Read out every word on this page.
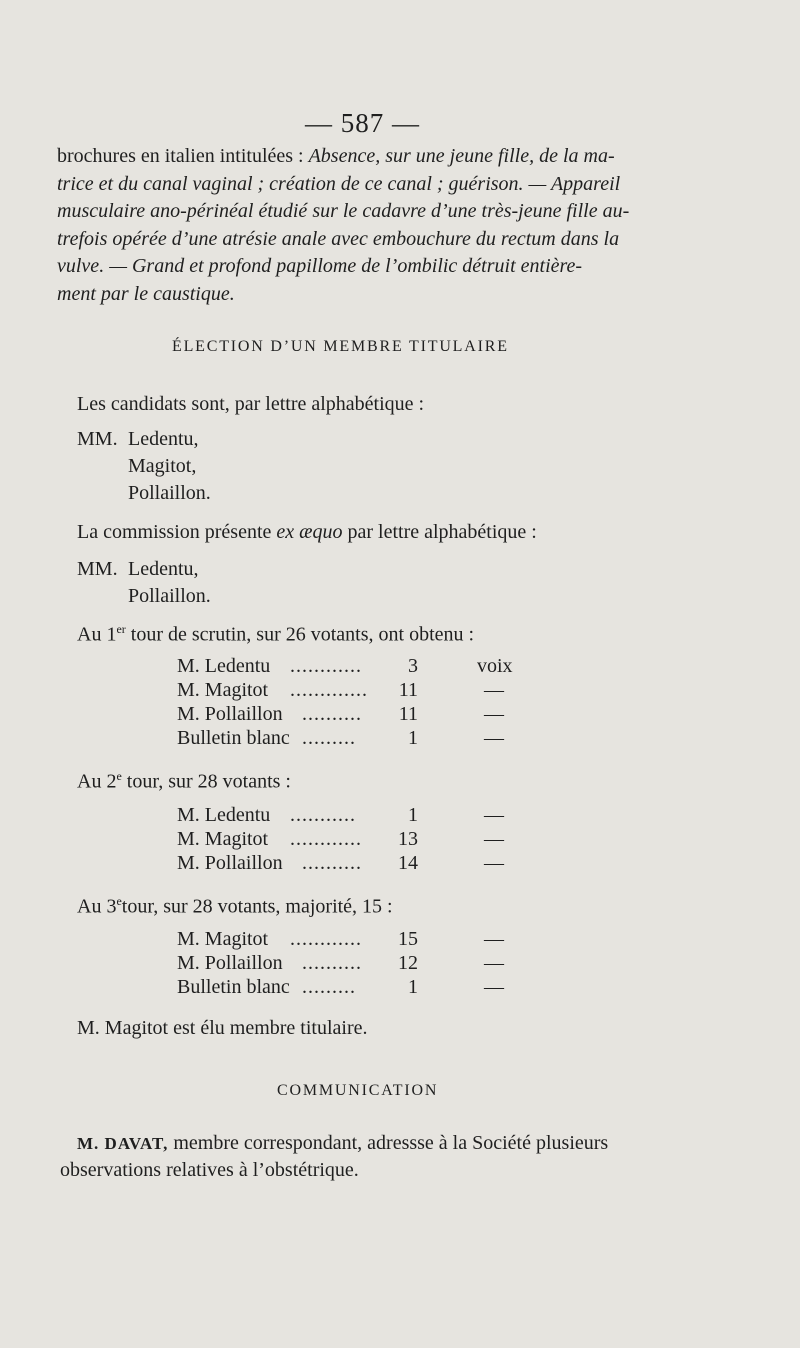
— 587 —
brochures en italien intitulées : Absence, sur une jeune fille, de la ma-
trice et du canal vaginal ; création de ce canal ; guérison. — Appareil
musculaire ano-périnéal étudié sur le cadavre d’une très-jeune fille au-
trefois opérée d’une atrésie anale avec embouchure du rectum dans la
vulve. — Grand et profond papillome de l’ombilic détruit entière-
ment par le caustique.
ÉLECTION D’UN MEMBRE TITULAIRE
Les candidats sont, par lettre alphabétique :
MM. Ledentu,
Magitot,
Pollaillon.
La commission présente ex æquo par lettre alphabétique :
MM. Ledentu,
Pollaillon.
Au 1er tour de scrutin, sur 26 votants, ont obtenu :
M. Ledentu ............	3	voix
M. Magitot .............	11	—
M. Pollaillon ..........	11	—
Bulletin blanc .........	1	—
Au 2e tour, sur 28 votants :
M. Ledentu ...........	1	—
M. Magitot ............	13	—
M. Pollaillon ..........	14	—
Au 3etour, sur 28 votants, majorité, 15 :
M. Magitot ............	15	—
M. Pollaillon ..........	12	—
Bulletin blanc .........	1	—
M. Magitot est élu membre titulaire.
COMMUNICATION
M. DAVAT, membre correspondant, adressse à la Société plusieurs
observations relatives à l’obstétrique.
